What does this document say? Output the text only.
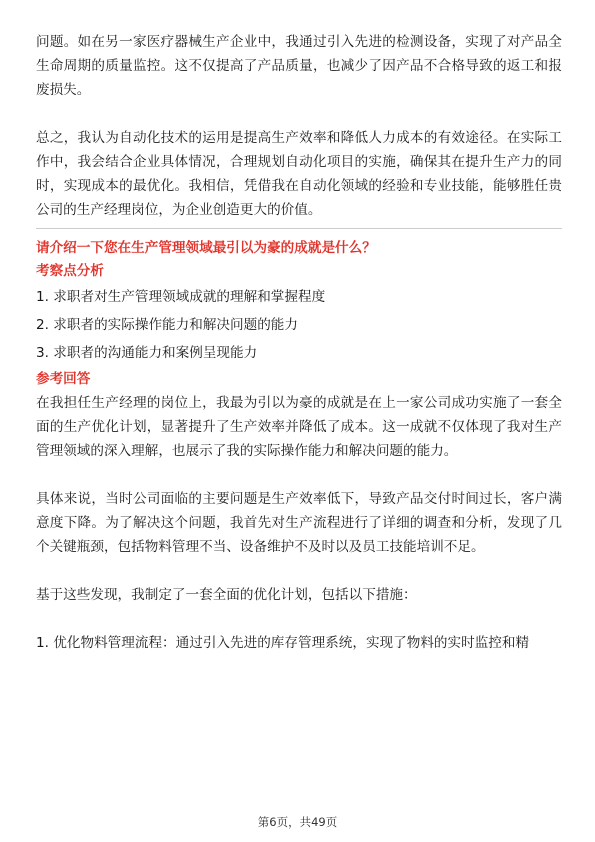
问题。如在另一家医疗器械生产企业中，我通过引入先进的检测设备，实现了对产品全生命周期的质量监控。这不仅提高了产品质量，也减少了因产品不合格导致的返工和报废损失。

总之，我认为自动化技术的运用是提高生产效率和降低人力成本的有效途径。在实际工作中，我会结合企业具体情况，合理规划自动化项目的实施，确保其在提升生产力的同时，实现成本的最优化。我相信，凭借我在自动化领域的经验和专业技能，能够胜任贵公司的生产经理岗位，为企业创造更大的价值。

请介绍一下您在生产管理领域最引以为豪的成就是什么？

考察点分析

1. 求职者对生产管理领域成就的理解和掌握程度
2. 求职者的实际操作能力和解决问题的能力
3. 求职者的沟通能力和案例呈现能力

参考回答

在我担任生产经理的岗位上，我最为引以为豪的成就是在上一家公司成功实施了一套全面的生产优化计划，显著提升了生产效率并降低了成本。这一成就不仅体现了我对生产管理领域的深入理解，也展示了我的实际操作能力和解决问题的能力。

具体来说，当时公司面临的主要问题是生产效率低下，导致产品交付时间过长，客户满意度下降。为了解决这个问题，我首先对生产流程进行了详细的调查和分析，发现了几个关键瓶颈，包括物料管理不当、设备维护不及时以及员工技能培训不足。

基于这些发现，我制定了一套全面的优化计划，包括以下措施：

1. 优化物料管理流程：通过引入先进的库存管理系统，实现了物料的实时监控和精

第6页，共49页
